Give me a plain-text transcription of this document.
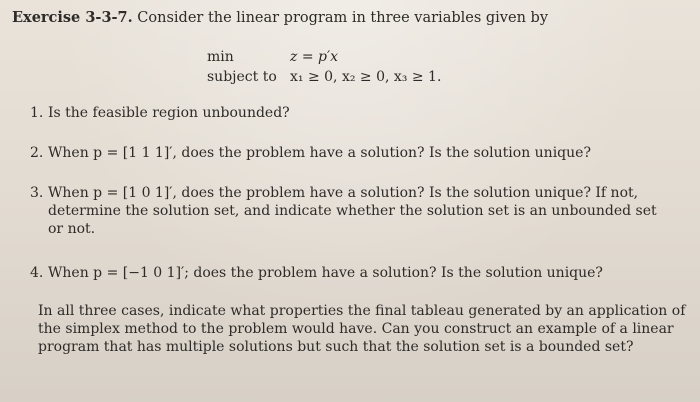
Exercise 3-3-7. Consider the linear program in three variables given by
min	z = p′x
subject to x₁ ≥ 0, x₂ ≥ 0, x₃ ≥ 1.
1. Is the feasible region unbounded?
2. When p = [1 1 1]′, does the problem have a solution? Is the solution unique?
3. When p = [1 0 1]′, does the problem have a solution? Is the solution unique? If not,
determine the solution set, and indicate whether the solution set is an unbounded set
or not.
4. When p = [−1 0 1]′; does the problem have a solution? Is the solution unique?
In all three cases, indicate what properties the final tableau generated by an application of
the simplex method to the problem would have. Can you construct an example of a linear
program that has multiple solutions but such that the solution set is a bounded set?
